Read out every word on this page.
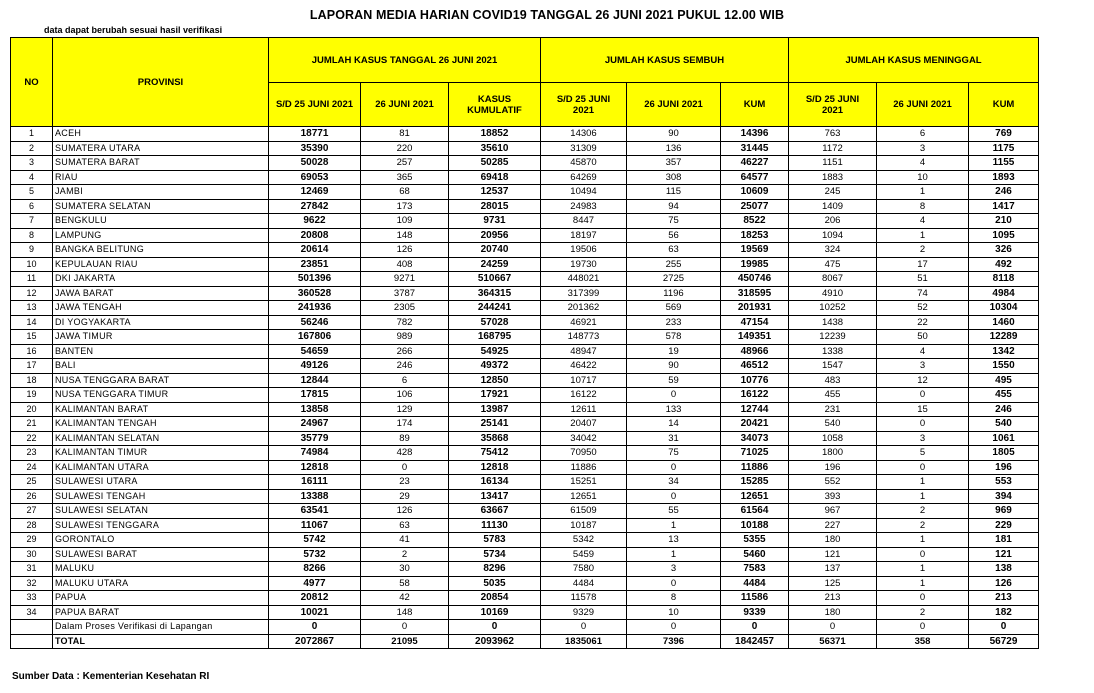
LAPORAN MEDIA HARIAN COVID19 TANGGAL 26 JUNI 2021 PUKUL 12.00 WIB
data dapat berubah sesuai hasil verifikasi
NO	PROVINSI	JUMLAH KASUS TANGGAL 26 JUNI 2021			JUMLAH KASUS SEMBUH			JUMLAH KASUS MENINGGAL		
		S/D 25 JUNI 2021	26 JUNI 2021	KASUS KUMULATIF	S/D 25 JUNI 2021	26 JUNI 2021	KUM	S/D 25 JUNI 2021	26 JUNI 2021	KUM
1	ACEH	18771	81	18852	14306	90	14396	763	6	769
2	SUMATERA UTARA	35390	220	35610	31309	136	31445	1172	3	1175
3	SUMATERA BARAT	50028	257	50285	45870	357	46227	1151	4	1155
4	RIAU	69053	365	69418	64269	308	64577	1883	10	1893
5	JAMBI	12469	68	12537	10494	115	10609	245	1	246
6	SUMATERA SELATAN	27842	173	28015	24983	94	25077	1409	8	1417
7	BENGKULU	9622	109	9731	8447	75	8522	206	4	210
8	LAMPUNG	20808	148	20956	18197	56	18253	1094	1	1095
9	BANGKA BELITUNG	20614	126	20740	19506	63	19569	324	2	326
10	KEPULAUAN RIAU	23851	408	24259	19730	255	19985	475	17	492
11	DKI JAKARTA	501396	9271	510667	448021	2725	450746	8067	51	8118
12	JAWA BARAT	360528	3787	364315	317399	1196	318595	4910	74	4984
13	JAWA TENGAH	241936	2305	244241	201362	569	201931	10252	52	10304
14	DI YOGYAKARTA	56246	782	57028	46921	233	47154	1438	22	1460
15	JAWA TIMUR	167806	989	168795	148773	578	149351	12239	50	12289
16	BANTEN	54659	266	54925	48947	19	48966	1338	4	1342
17	BALI	49126	246	49372	46422	90	46512	1547	3	1550
18	NUSA TENGGARA BARAT	12844	6	12850	10717	59	10776	483	12	495
19	NUSA TENGGARA TIMUR	17815	106	17921	16122	0	16122	455	0	455
20	KALIMANTAN BARAT	13858	129	13987	12611	133	12744	231	15	246
21	KALIMANTAN TENGAH	24967	174	25141	20407	14	20421	540	0	540
22	KALIMANTAN SELATAN	35779	89	35868	34042	31	34073	1058	3	1061
23	KALIMANTAN TIMUR	74984	428	75412	70950	75	71025	1800	5	1805
24	KALIMANTAN UTARA	12818	0	12818	11886	0	11886	196	0	196
25	SULAWESI UTARA	16111	23	16134	15251	34	15285	552	1	553
26	SULAWESI TENGAH	13388	29	13417	12651	0	12651	393	1	394
27	SULAWESI SELATAN	63541	126	63667	61509	55	61564	967	2	969
28	SULAWESI TENGGARA	11067	63	11130	10187	1	10188	227	2	229
29	GORONTALO	5742	41	5783	5342	13	5355	180	1	181
30	SULAWESI BARAT	5732	2	5734	5459	1	5460	121	0	121
31	MALUKU	8266	30	8296	7580	3	7583	137	1	138
32	MALUKU UTARA	4977	58	5035	4484	0	4484	125	1	126
33	PAPUA	20812	42	20854	11578	8	11586	213	0	213
34	PAPUA BARAT	10021	148	10169	9329	10	9339	180	2	182
	Dalam Proses Verifikasi di Lapangan	0	0	0	0	0	0	0	0	0
	TOTAL	2072867	21095	2093962	1835061	7396	1842457	56371	358	56729
Sumber Data : Kementerian Kesehatan RI
